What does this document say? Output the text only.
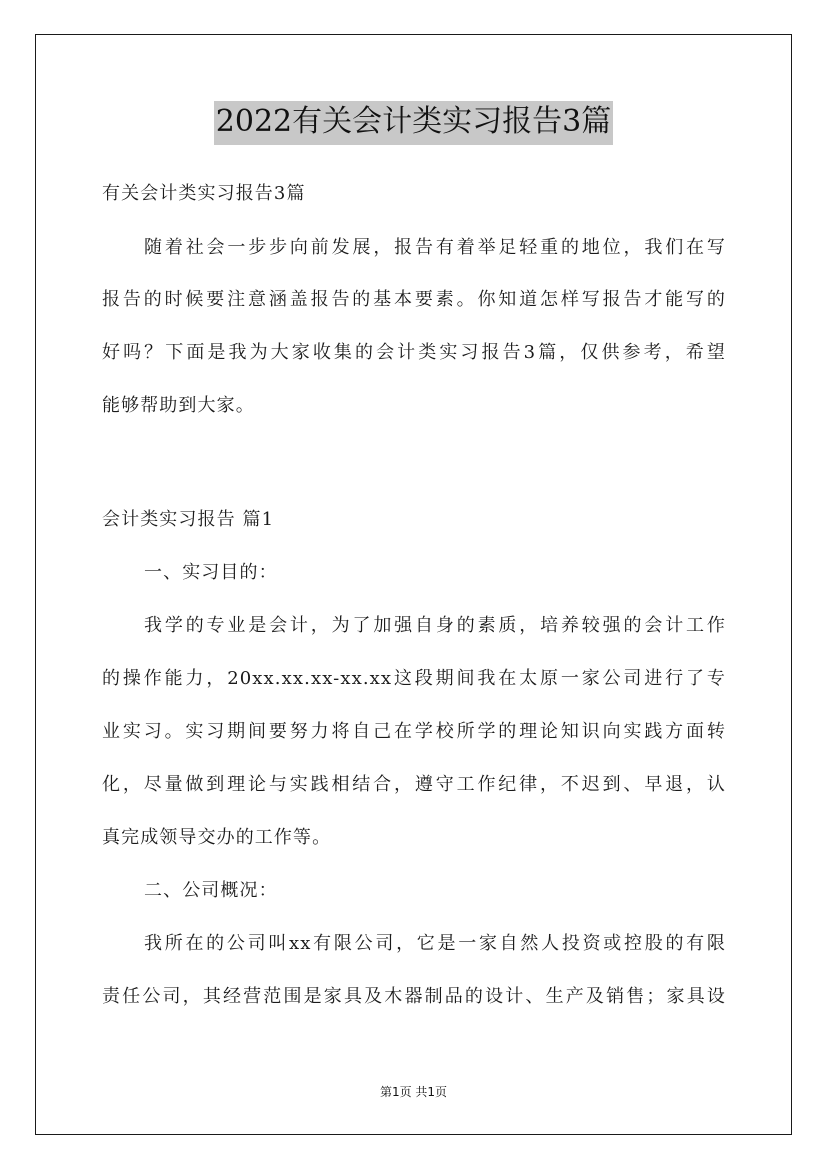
2022有关会计类实习报告3篇
有关会计类实习报告3篇
随着社会一步步向前发展，报告有着举足轻重的地位，我们在写
报告的时候要注意涵盖报告的基本要素。你知道怎样写报告才能写的
好吗？下面是我为大家收集的会计类实习报告3篇，仅供参考，希望
能够帮助到大家。
会计类实习报告 篇1
一、实习目的：
我学的专业是会计，为了加强自身的素质，培养较强的会计工作
的操作能力，20xx.xx.xx-xx.xx这段期间我在太原一家公司进行了专
业实习。实习期间要努力将自己在学校所学的理论知识向实践方面转
化，尽量做到理论与实践相结合，遵守工作纪律，不迟到、早退，认
真完成领导交办的工作等。
二、公司概况：
我所在的公司叫xx有限公司，它是一家自然人投资或控股的有限
责任公司，其经营范围是家具及木器制品的设计、生产及销售；家具设
第1页 共1页
